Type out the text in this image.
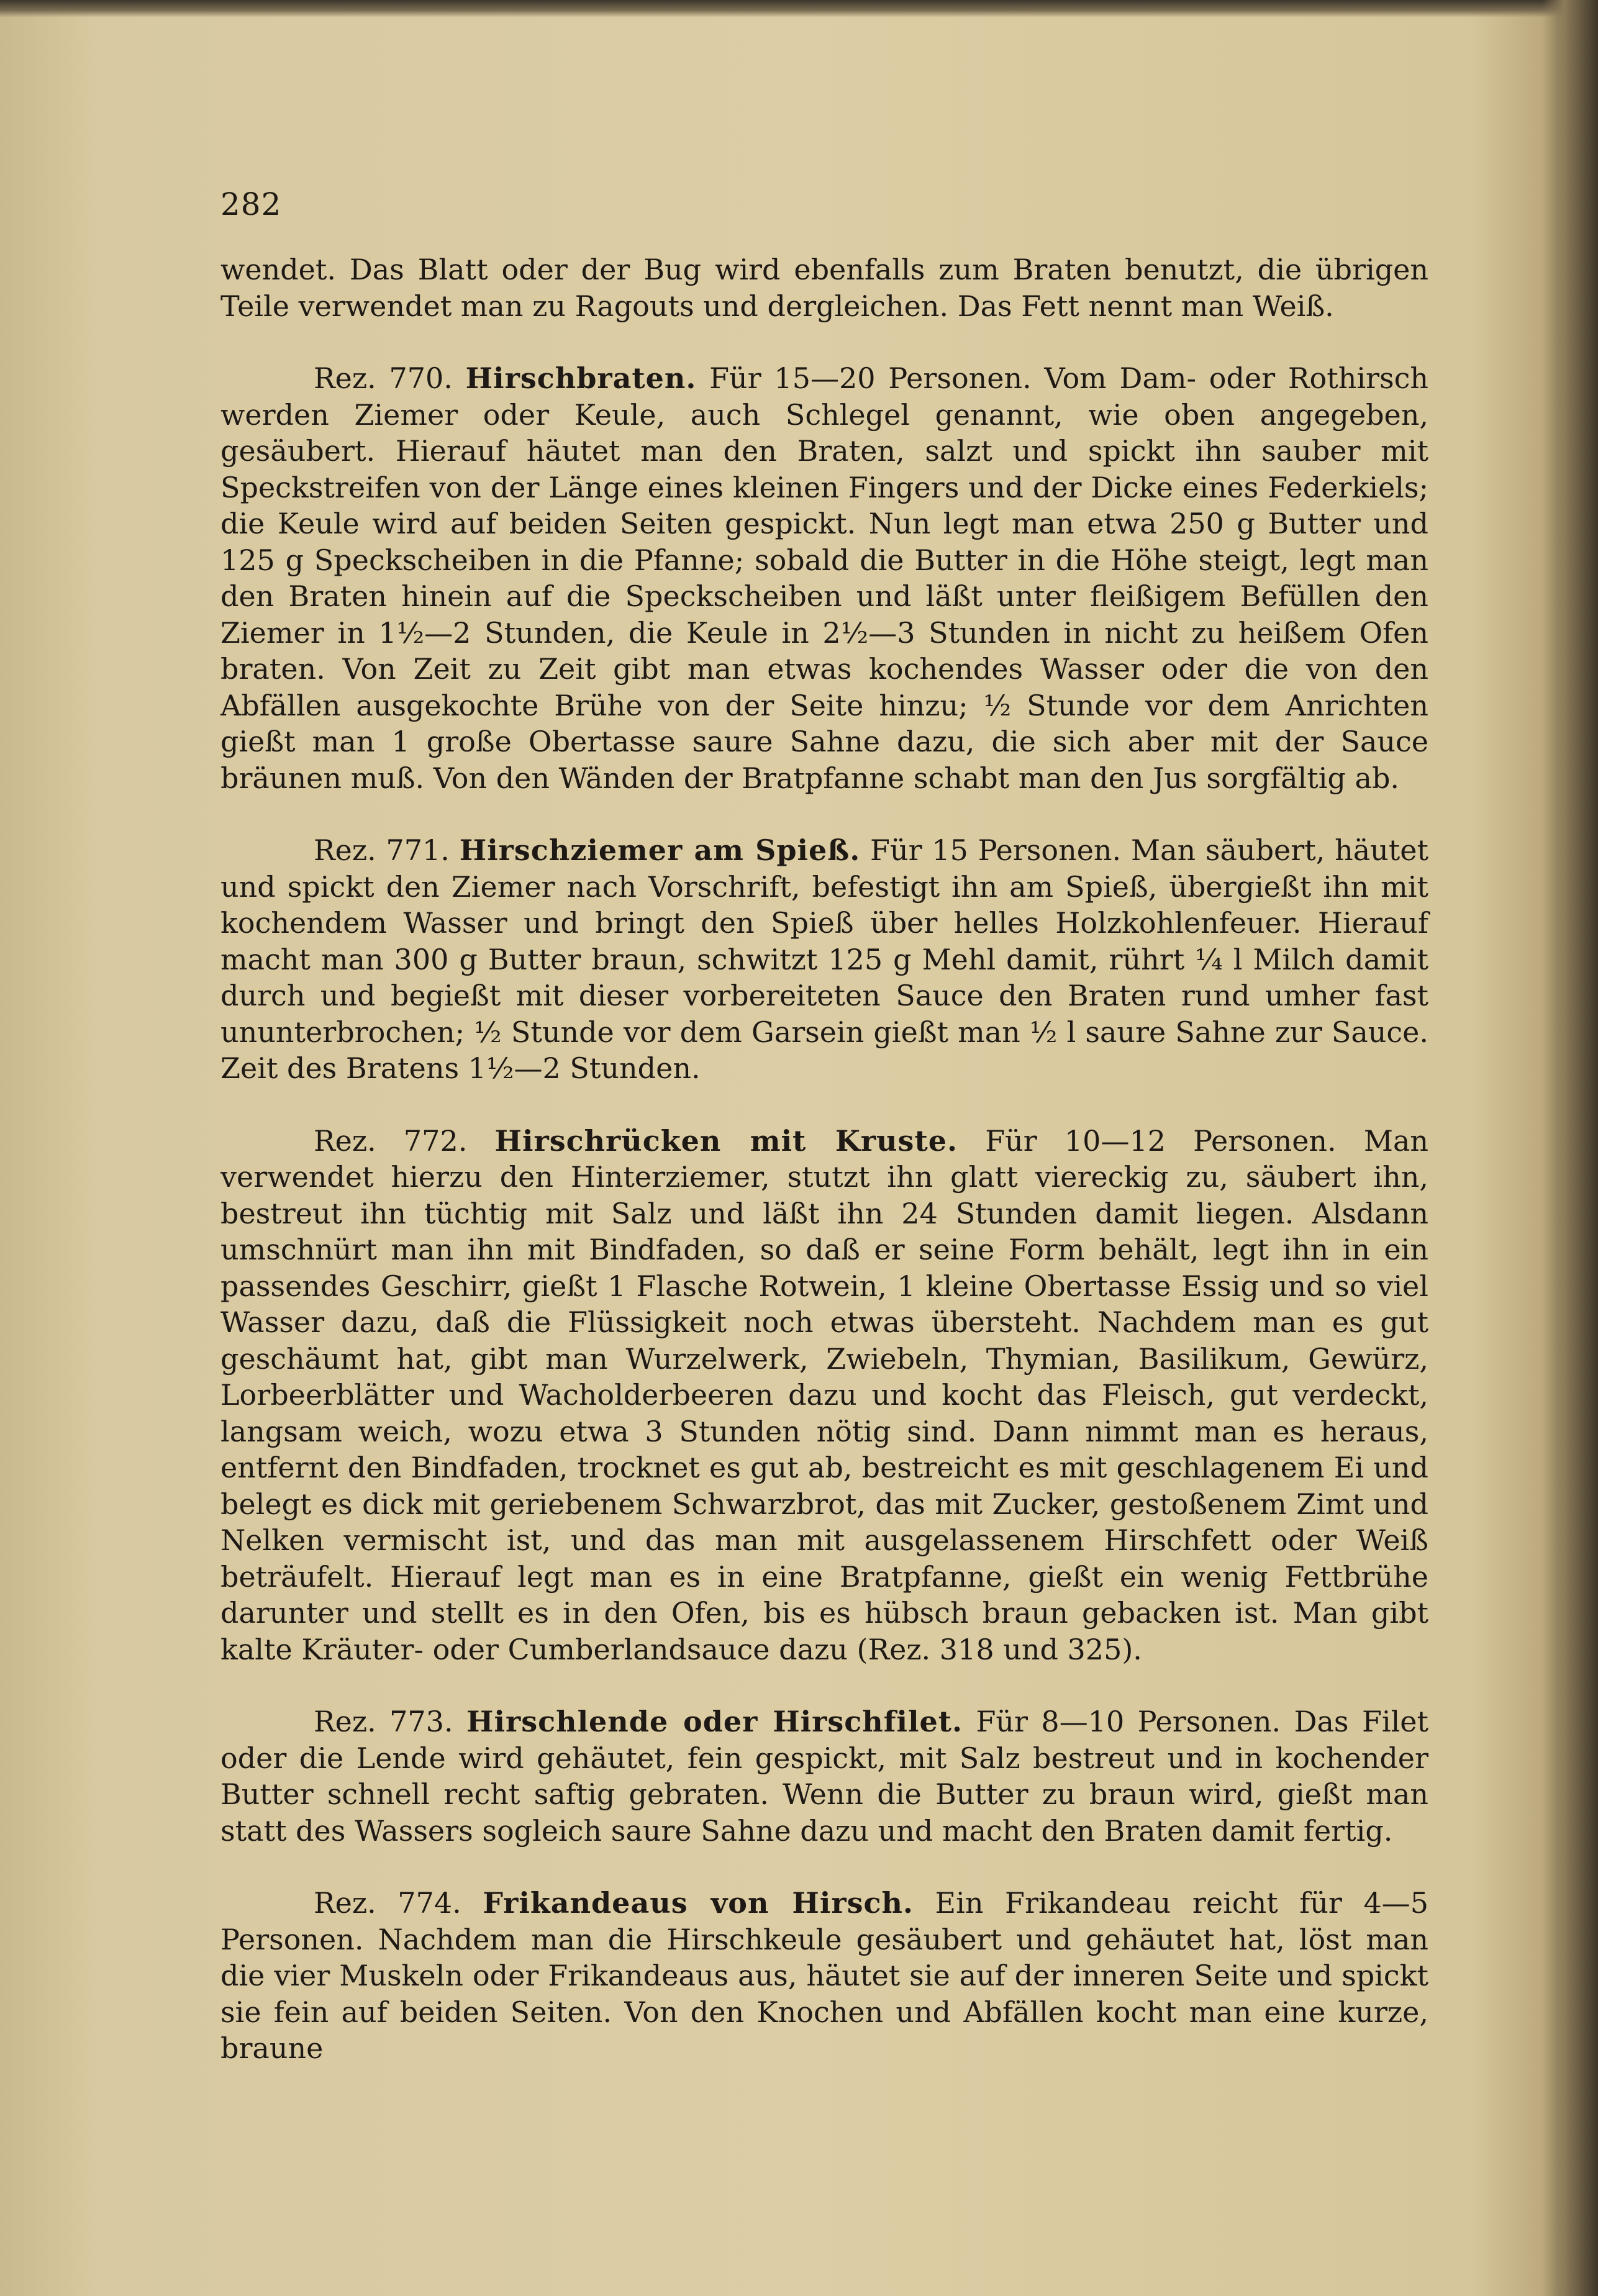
282

wendet. Das Blatt oder der Bug wird ebenfalls zum Braten benutzt, die übrigen Teile verwendet man zu Ragouts und dergleichen. Das Fett nennt man Weiß.

Rez. 770. Hirschbraten. Für 15—20 Personen. Vom Dam- oder Rothirsch werden Ziemer oder Keule, auch Schlegel genannt, wie oben angegeben, gesäubert. Hierauf häutet man den Braten, salzt und spickt ihn sauber mit Speckstreifen von der Länge eines kleinen Fingers und der Dicke eines Federkiels; die Keule wird auf beiden Seiten gespickt. Nun legt man etwa 250 g Butter und 125 g Speckscheiben in die Pfanne; sobald die Butter in die Höhe steigt, legt man den Braten hinein auf die Speckscheiben und läßt unter fleißigem Befüllen den Ziemer in 1½—2 Stunden, die Keule in 2½—3 Stunden in nicht zu heißem Ofen braten. Von Zeit zu Zeit gibt man etwas kochendes Wasser oder die von den Abfällen ausgekochte Brühe von der Seite hinzu; ½ Stunde vor dem Anrichten gießt man 1 große Obertasse saure Sahne dazu, die sich aber mit der Sauce bräunen muß. Von den Wänden der Bratpfanne schabt man den Jus sorgfältig ab.

Rez. 771. Hirschziemer am Spieß. Für 15 Personen. Man säubert, häutet und spickt den Ziemer nach Vorschrift, befestigt ihn am Spieß, übergießt ihn mit kochendem Wasser und bringt den Spieß über helles Holzkohlenfeuer. Hierauf macht man 300 g Butter braun, schwitzt 125 g Mehl damit, rührt ¼ l Milch damit durch und begießt mit dieser vorbereiteten Sauce den Braten rund umher fast ununterbrochen; ½ Stunde vor dem Garsein gießt man ½ l saure Sahne zur Sauce. Zeit des Bratens 1½—2 Stunden.

Rez. 772. Hirschrücken mit Kruste. Für 10—12 Personen. Man verwendet hierzu den Hinterziemer, stutzt ihn glatt viereckig zu, säubert ihn, bestreut ihn tüchtig mit Salz und läßt ihn 24 Stunden damit liegen. Alsdann umschnürt man ihn mit Bindfaden, so daß er seine Form behält, legt ihn in ein passendes Geschirr, gießt 1 Flasche Rotwein, 1 kleine Obertasse Essig und so viel Wasser dazu, daß die Flüssigkeit noch etwas übersteht. Nachdem man es gut geschäumt hat, gibt man Wurzelwerk, Zwiebeln, Thymian, Basilikum, Gewürz, Lorbeerblätter und Wacholderbeeren dazu und kocht das Fleisch, gut verdeckt, langsam weich, wozu etwa 3 Stunden nötig sind. Dann nimmt man es heraus, entfernt den Bindfaden, trocknet es gut ab, bestreicht es mit geschlagenem Ei und belegt es dick mit geriebenem Schwarzbrot, das mit Zucker, gestoßenem Zimt und Nelken vermischt ist, und das man mit ausgelassenem Hirschfett oder Weiß beträufelt. Hierauf legt man es in eine Bratpfanne, gießt ein wenig Fettbrühe darunter und stellt es in den Ofen, bis es hübsch braun gebacken ist. Man gibt kalte Kräuter- oder Cumberlandsauce dazu (Rez. 318 und 325).

Rez. 773. Hirschlende oder Hirschfilet. Für 8—10 Personen. Das Filet oder die Lende wird gehäutet, fein gespickt, mit Salz bestreut und in kochender Butter schnell recht saftig gebraten. Wenn die Butter zu braun wird, gießt man statt des Wassers sogleich saure Sahne dazu und macht den Braten damit fertig.

Rez. 774. Frikandeaus von Hirsch. Ein Frikandeau reicht für 4—5 Personen. Nachdem man die Hirschkeule gesäubert und gehäutet hat, löst man die vier Muskeln oder Frikandeaus aus, häutet sie auf der inneren Seite und spickt sie fein auf beiden Seiten. Von den Knochen und Abfällen kocht man eine kurze, braune
